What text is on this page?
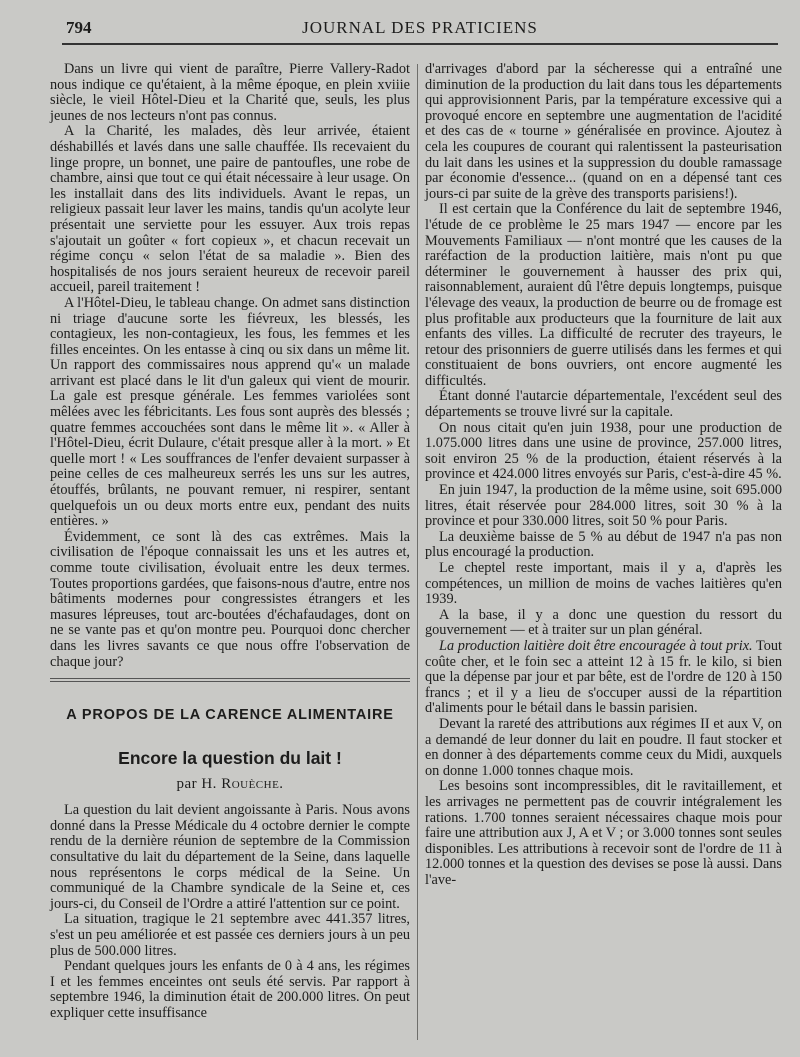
794	JOURNAL DES PRATICIENS

Dans un livre qui vient de paraître, Pierre Vallery-Radot nous indique ce qu'étaient, à la même époque, en plein xviiie siècle, le vieil Hôtel-Dieu et la Charité que, seuls, les plus jeunes de nos lecteurs n'ont pas connus.

A la Charité, les malades, dès leur arrivée, étaient déshabillés et lavés dans une salle chauffée. Ils recevaient du linge propre, un bonnet, une paire de pantoufles, une robe de chambre, ainsi que tout ce qui était nécessaire à leur usage. On les installait dans des lits individuels. Avant le repas, un religieux passait leur laver les mains, tandis qu'un acolyte leur présentait une serviette pour les essuyer. Aux trois repas s'ajoutait un goûter « fort copieux », et chacun recevait un régime conçu « selon l'état de sa maladie ». Bien des hospitalisés de nos jours seraient heureux de recevoir pareil accueil, pareil traitement !

A l'Hôtel-Dieu, le tableau change. On admet sans distinction ni triage d'aucune sorte les fiévreux, les blessés, les contagieux, les non-contagieux, les fous, les femmes et les filles enceintes. On les entasse à cinq ou six dans un même lit. Un rapport des commissaires nous apprend qu'« un malade arrivant est placé dans le lit d'un galeux qui vient de mourir. La gale est presque générale. Les femmes variolées sont mêlées avec les fébricitants. Les fous sont auprès des blessés ; quatre femmes accouchées sont dans le même lit ». « Aller à l'Hôtel-Dieu, écrit Dulaure, c'était presque aller à la mort. » Et quelle mort ! « Les souffrances de l'enfer devaient surpasser à peine celles de ces malheureux serrés les uns sur les autres, étouffés, brûlants, ne pouvant remuer, ni respirer, sentant quelquefois un ou deux morts entre eux, pendant des nuits entières. »

Évidemment, ce sont là des cas extrêmes. Mais la civilisation de l'époque connaissait les uns et les autres et, comme toute civilisation, évoluait entre les deux termes. Toutes proportions gardées, que faisons-nous d'autre, entre nos bâtiments modernes pour congressistes étrangers et les masures lépreuses, tout arc-boutées d'échafaudages, dont on ne se vante pas et qu'on montre peu. Pourquoi donc chercher dans les livres savants ce que nous offre l'observation de chaque jour?

A PROPOS DE LA CARENCE ALIMENTAIRE
Encore la question du lait !
par H. Rouèche.

La question du lait devient angoissante à Paris. Nous avons donné dans la Presse Médicale du 4 octobre dernier le compte rendu de la dernière réunion de septembre de la Commission consultative du lait du département de la Seine, dans laquelle nous représentons le corps médical de la Seine. Un communiqué de la Chambre syndicale de la Seine et, ces jours-ci, du Conseil de l'Ordre a attiré l'attention sur ce point.

La situation, tragique le 21 septembre avec 441.357 litres, s'est un peu améliorée et est passée ces derniers jours à un peu plus de 500.000 litres.

Pendant quelques jours les enfants de 0 à 4 ans, les régimes I et les femmes enceintes ont seuls été servis. Par rapport à septembre 1946, la diminution était de 200.000 litres. On peut expliquer cette insuffisance

d'arrivages d'abord par la sécheresse qui a entraîné une diminution de la production du lait dans tous les départements qui approvisionnent Paris, par la température excessive qui a provoqué encore en septembre une augmentation de l'acidité et des cas de « tourne » généralisée en province. Ajoutez à cela les coupures de courant qui ralentissent la pasteurisation du lait dans les usines et la suppression du double ramassage par économie d'essence... (quand on en a dépensé tant ces jours-ci par suite de la grève des transports parisiens!).

Il est certain que la Conférence du lait de septembre 1946, l'étude de ce problème le 25 mars 1947 — encore par les Mouvements Familiaux — n'ont montré que les causes de la raréfaction de la production laitière, mais n'ont pu que déterminer le gouvernement à hausser des prix qui, raisonnablement, auraient dû l'être depuis longtemps, puisque l'élevage des veaux, la production de beurre ou de fromage est plus profitable aux producteurs que la fourniture de lait aux enfants des villes. La difficulté de recruter des trayeurs, le retour des prisonniers de guerre utilisés dans les fermes et qui constituaient de bons ouvriers, ont encore augmenté les difficultés.

Étant donné l'autarcie départementale, l'excédent seul des départements se trouve livré sur la capitale.

On nous citait qu'en juin 1938, pour une production de 1.075.000 litres dans une usine de province, 257.000 litres, soit environ 25 % de la production, étaient réservés à la province et 424.000 litres envoyés sur Paris, c'est-à-dire 45 %.

En juin 1947, la production de la même usine, soit 695.000 litres, était réservée pour 284.000 litres, soit 30 % à la province et pour 330.000 litres, soit 50 % pour Paris.

La deuxième baisse de 5 % au début de 1947 n'a pas non plus encouragé la production.

Le cheptel reste important, mais il y a, d'après les compétences, un million de moins de vaches laitières qu'en 1939.

A la base, il y a donc une question du ressort du gouvernement — et à traiter sur un plan général.

La production laitière doit être encouragée à tout prix. Tout coûte cher, et le foin sec a atteint 12 à 15 fr. le kilo, si bien que la dépense par jour et par bête, est de l'ordre de 120 à 150 francs ; et il y a lieu de s'occuper aussi de la répartition d'aliments pour le bétail dans le bassin parisien.

Devant la rareté des attributions aux régimes II et aux V, on a demandé de leur donner du lait en poudre. Il faut stocker et en donner à des départements comme ceux du Midi, auxquels on donne 1.000 tonnes chaque mois.

Les besoins sont incompressibles, dit le ravitaillement, et les arrivages ne permettent pas de couvrir intégralement les rations. 1.700 tonnes seraient nécessaires chaque mois pour faire une attribution aux J, A et V ; or 3.000 tonnes sont seules disponibles. Les attributions à recevoir sont de l'ordre de 11 à 12.000 tonnes et la question des devises se pose là aussi. Dans l'ave-
